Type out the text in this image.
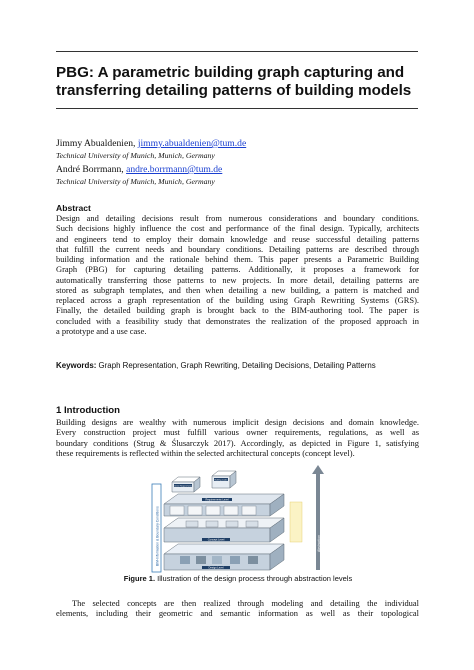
PBG: A parametric building graph capturing and transferring detailing patterns of building models
Jimmy Abualdenien, jimmy.abualdenien@tum.de
Technical University of Munich, Munich, Germany
André Borrmann, andre.borrmann@tum.de
Technical University of Munich, Munich, Germany
Abstract
Design and detailing decisions result from numerous considerations and boundary conditions.
Such decisions highly influence the cost and performance of the final design. Typically, architects
and engineers tend to employ their domain knowledge and reuse successful detailing patterns
that fulfill the current needs and boundary conditions. Detailing patterns are described through
building information and the rationale behind them. This paper presents a Parametric Building
Graph (PBG) for capturing detailing patterns. Additionally, it proposes a framework for
automatically transferring those patterns to new projects. In more detail, detailing patterns are
stored as subgraph templates, and then when detailing a new building, a pattern is matched and
replaced across a graph representation of the building using Graph Rewriting Systems (GRS).
Finally, the detailed building graph is brought back to the BIM-authoring tool. The paper is
concluded with a feasibility study that demonstrates the realization of the proposed approach in
a prototype and a use case.

Keywords: Graph Representation, Graph Rewriting, Detailing Decisions, Detailing Patterns

1 Introduction
Building designs are wealthy with numerous implicit design decisions and domain knowledge.
Every construction project must fulfill various owner requirements, regulations, as well as
boundary conditions (Strug & Ślusarczyk 2017). Accordingly, as depicted in Figure 1, satisfying
these requirements is reflected within the selected architectural concepts (concept level).
BIM-Information & Boundary Conditions
Design Level
Concept Level
Requirements Level
Owner Requirements
Building Codes
Abstraction

Figure 1. Illustration of the design process through abstraction levels

The selected concepts are then realized through modeling and detailing the individual
elements, including their geometric and semantic information as well as their topological
